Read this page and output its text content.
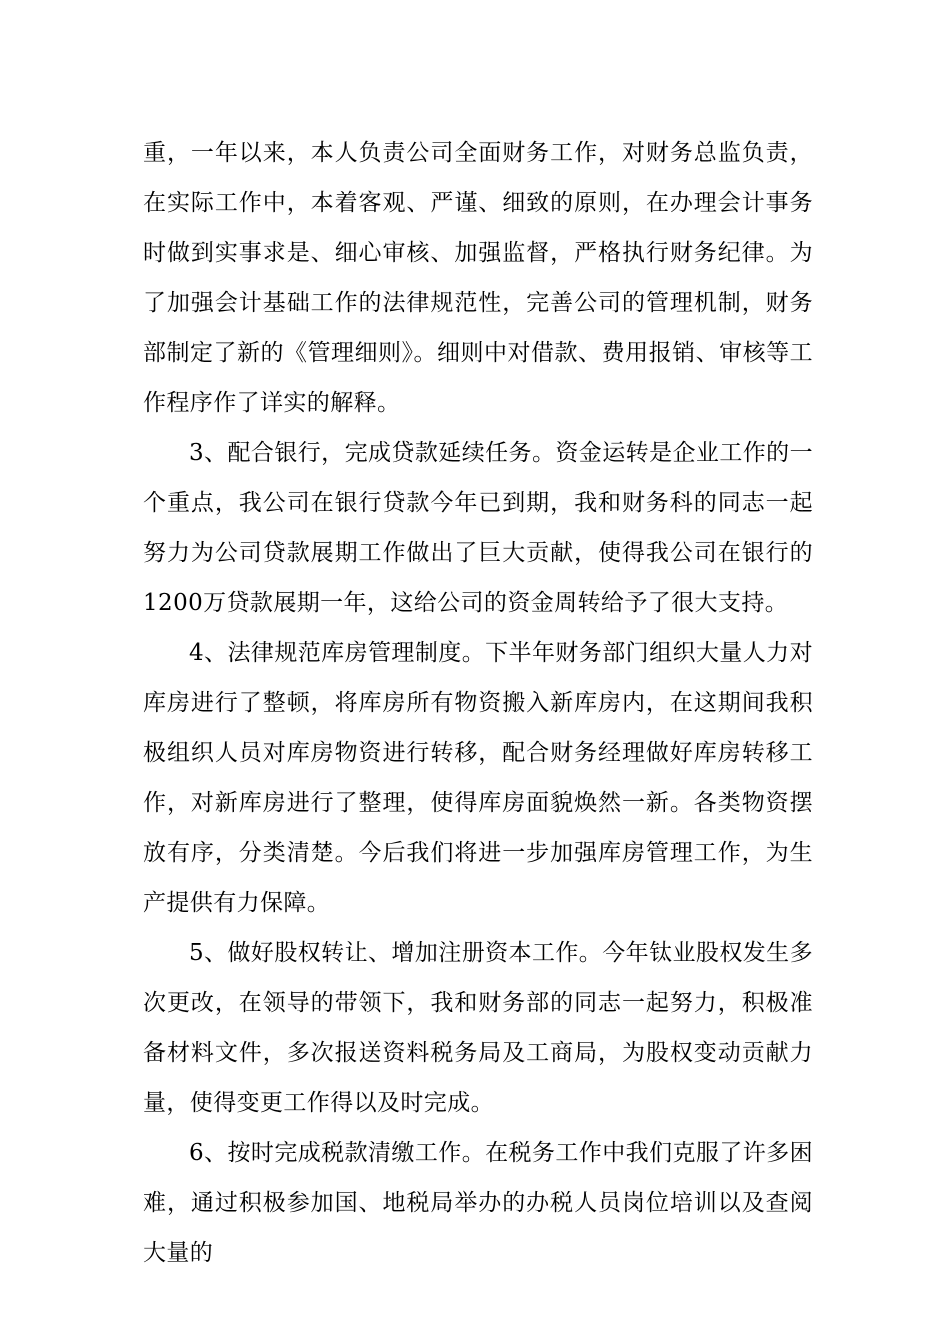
重，一年以来，本人负责公司全面财务工作，对财务总监负责，在实际工作中，本着客观、严谨、细致的原则，在办理会计事务时做到实事求是、细心审核、加强监督，严格执行财务纪律。为了加强会计基础工作的法律规范性，完善公司的管理机制，财务部制定了新的《管理细则》。细则中对借款、费用报销、审核等工作程序作了详实的解释。

3、配合银行，完成贷款延续任务。资金运转是企业工作的一个重点，我公司在银行贷款今年已到期，我和财务科的同志一起努力为公司贷款展期工作做出了巨大贡献，使得我公司在银行的1200万贷款展期一年，这给公司的资金周转给予了很大支持。

4、法律规范库房管理制度。下半年财务部门组织大量人力对库房进行了整顿，将库房所有物资搬入新库房内，在这期间我积极组织人员对库房物资进行转移，配合财务经理做好库房转移工作，对新库房进行了整理，使得库房面貌焕然一新。各类物资摆放有序，分类清楚。今后我们将进一步加强库房管理工作，为生产提供有力保障。

5、做好股权转让、增加注册资本工作。今年钛业股权发生多次更改，在领导的带领下，我和财务部的同志一起努力，积极准备材料文件，多次报送资料税务局及工商局，为股权变动贡献力量，使得变更工作得以及时完成。

6、按时完成税款清缴工作。在税务工作中我们克服了许多困难，通过积极参加国、地税局举办的办税人员岗位培训以及查阅大量的
